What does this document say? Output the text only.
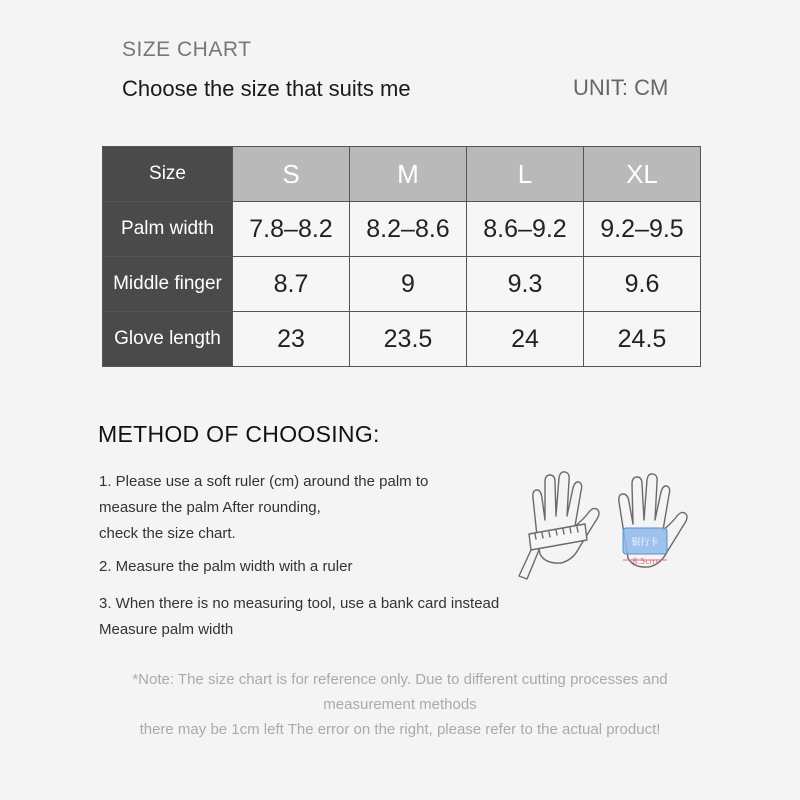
SIZE CHART
Choose the size that suits me	UNIT: CM
Size	S	M	L	XL
Palm width	7.8–8.2	8.2–8.6	8.6–9.2	9.2–9.5
Middle finger	8.7	9	9.3	9.6
Glove length	23	23.5	24	24.5
METHOD OF CHOOSING:
1. Please use a soft ruler (cm) around the palm to
measure the palm After rounding,
check the size chart.
2. Measure the palm width with a ruler
3. When there is no measuring tool, use a bank card instead
Measure palm width
银行卡
8.5cm
*Note: The size chart is for reference only. Due to different cutting processes and
measurement methods
there may be 1cm left The error on the right, please refer to the actual product!
